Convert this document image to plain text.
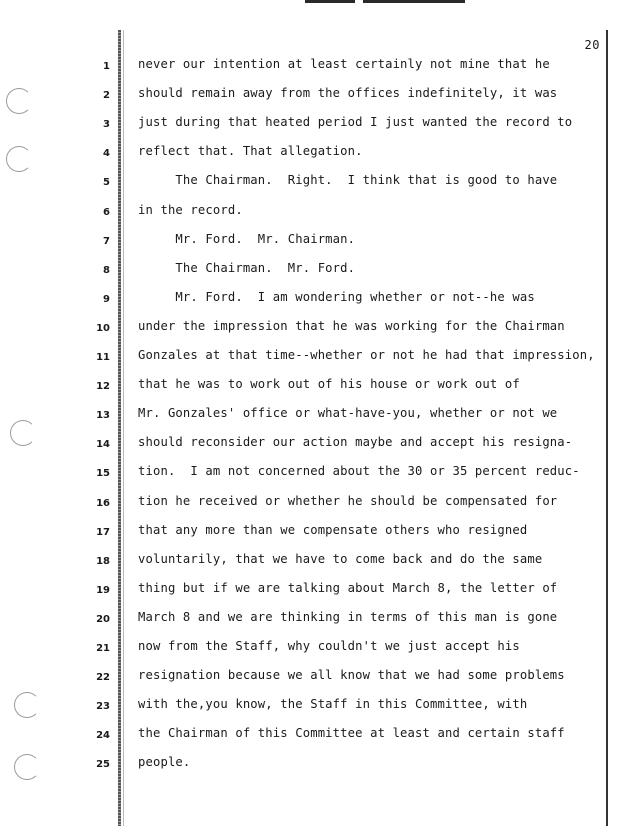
20
1 never our intention at least certainly not mine that he
2 should remain away from the offices indefinitely, it was
3 just during that heated period I just wanted the record to
4 reflect that. That allegation.
5 The Chairman.  Right.  I think that is good to have
6 in the record.
7 Mr. Ford.  Mr. Chairman.
8 The Chairman.  Mr. Ford.
9 Mr. Ford.  I am wondering whether or not--he was
10 under the impression that he was working for the Chairman
11 Gonzales at that time--whether or not he had that impression,
12 that he was to work out of his house or work out of
13 Mr. Gonzales' office or what-have-you, whether or not we
14 should reconsider our action maybe and accept his resigna-
15 tion.  I am not concerned about the 30 or 35 percent reduc-
16 tion he received or whether he should be compensated for
17 that any more than we compensate others who resigned
18 voluntarily, that we have to come back and do the same
19 thing but if we are talking about March 8, the letter of
20 March 8 and we are thinking in terms of this man is gone
21 now from the Staff, why couldn't we just accept his
22 resignation because we all know that we had some problems
23 with the,you know, the Staff in this Committee, with
24 the Chairman of this Committee at least and certain staff
25 people.
